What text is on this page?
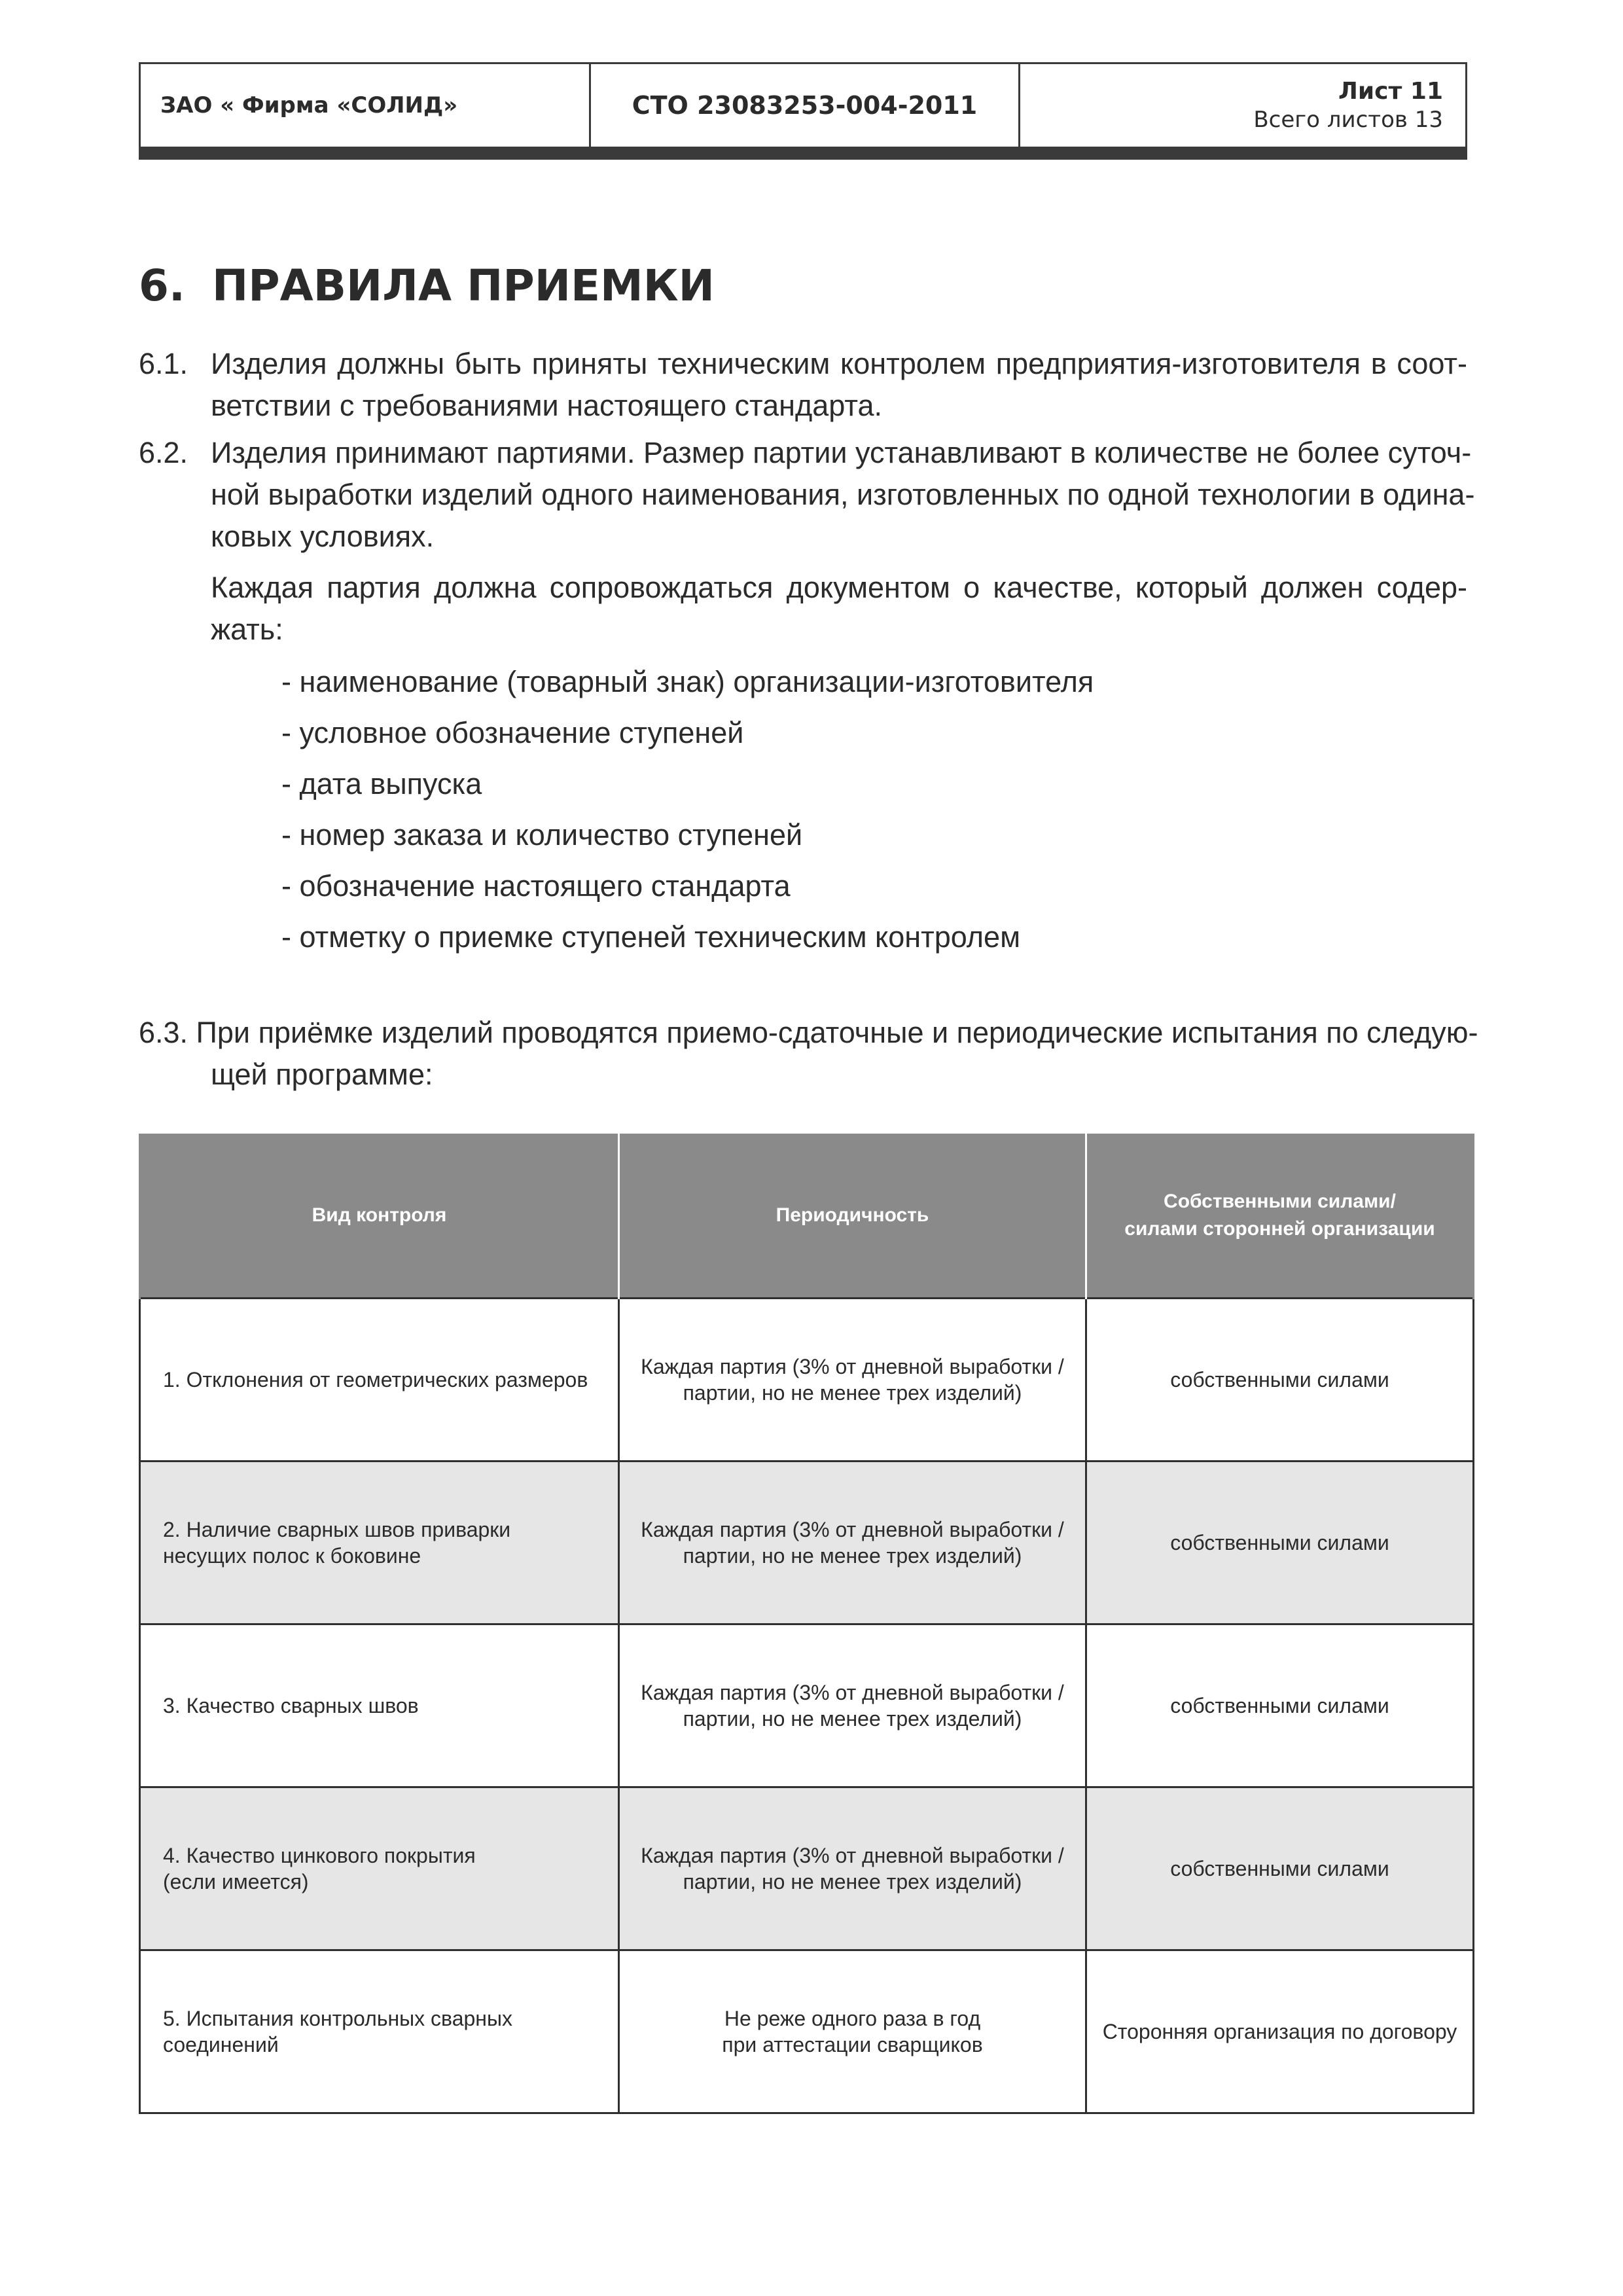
ЗАО « Фирма «СОЛИД»	СТО 23083253-004-2011	Лист 11
Всего листов 13
6. ПРАВИЛА ПРИЕМКИ
6.1. Изделия должны быть приняты техническим контролем предприятия-изготовителя в соот-
ветствии с требованиями настоящего стандарта.
6.2. Изделия принимают партиями. Размер партии устанавливают в количестве не более суточ-
ной выработки изделий одного наименования, изготовленных по одной технологии в одина-
ковых условиях.
Каждая партия должна сопровождаться документом о качестве, который должен содер-
жать:
- наименование (товарный знак) организации-изготовителя
- условное обозначение ступеней
- дата выпуска
- номер заказа и количество ступеней
- обозначение настоящего стандарта
- отметку о приемке ступеней техническим контролем
6.3. При приёмке изделий проводятся приемо-сдаточные и периодические испытания по следую-
щей программе:
Вид контроля	Периодичность	Собственными силами/
силами сторонней организации
1. Отклонения от геометрических размеров	Каждая партия (3% от дневной выработки /
партии, но не менее трех изделий)	собственными силами
2. Наличие сварных швов приварки
несущих полос к боковине	Каждая партия (3% от дневной выработки /
партии, но не менее трех изделий)	собственными силами
3. Качество сварных швов	Каждая партия (3% от дневной выработки /
партии, но не менее трех изделий)	собственными силами
4. Качество цинкового покрытия
(если имеется)	Каждая партия (3% от дневной выработки /
партии, но не менее трех изделий)	собственными силами
5. Испытания контрольных сварных
соединений	Не реже одного раза в год
при аттестации сварщиков	Сторонняя организация по договору
